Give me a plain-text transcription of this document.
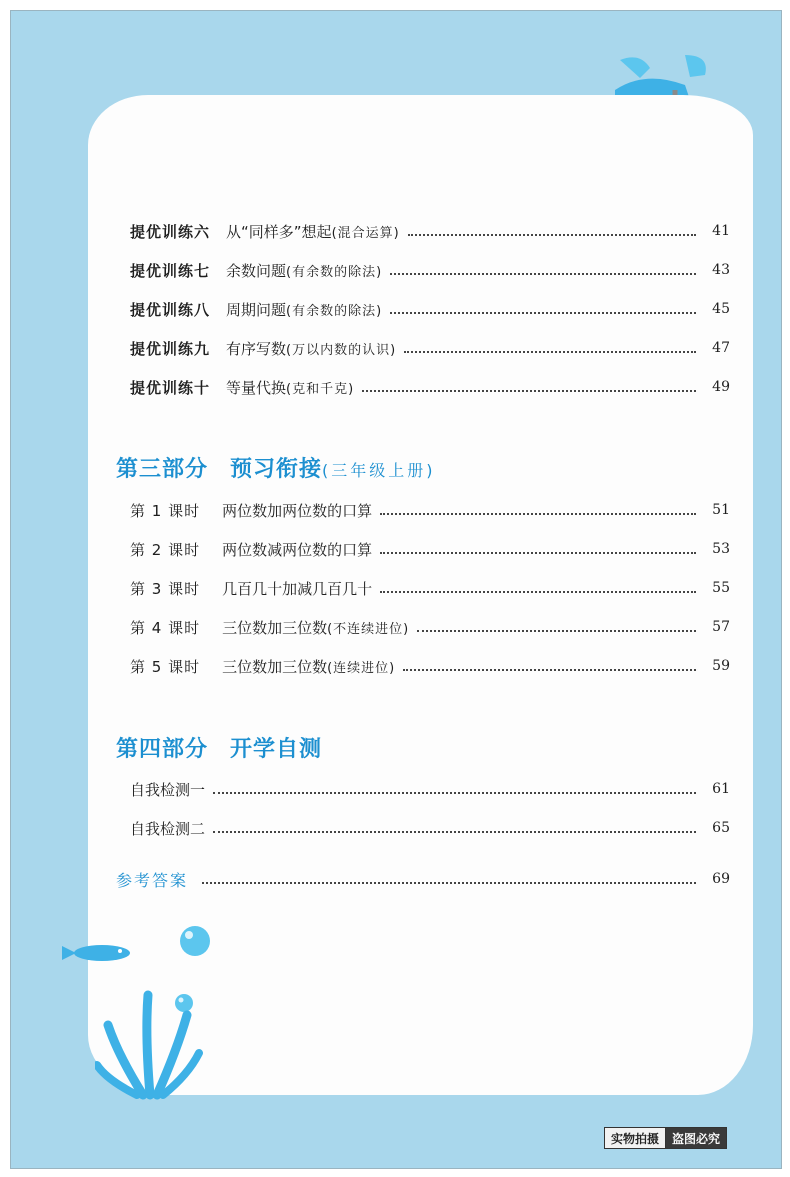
提优训练六 从“同样多”想起 (混合运算)	41
提优训练七 余数问题 (有余数的除法)	43
提优训练八 周期问题 (有余数的除法)	45
提优训练九 有序写数 (万以内数的认识)	47
提优训练十 等量代换 (克和千克)	49
第三部分 预习衔接 (三年级上册)
第 1 课时 两位数加两位数的口算	51
第 2 课时 两位数减两位数的口算	53
第 3 课时 几百几十加减几百几十	55
第 4 课时 三位数加三位数 (不连续进位)	57
第 5 课时 三位数加三位数 (连续进位)	59
第四部分 开学自测
自我检测一	61
自我检测二	65
参考答案	69
实物拍摄	盗图必究
